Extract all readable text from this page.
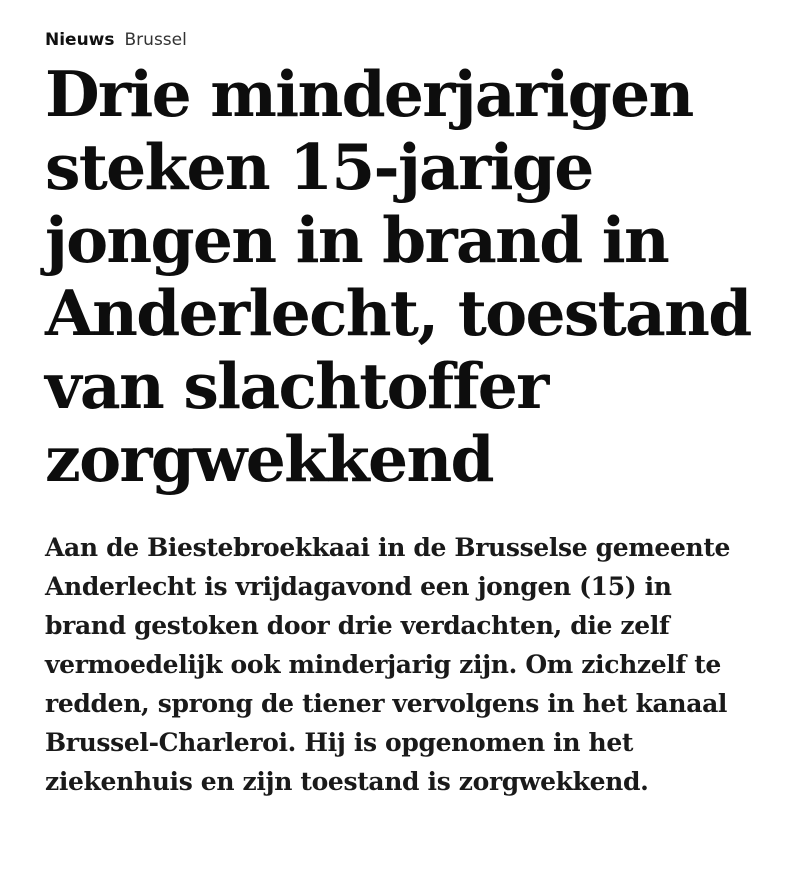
Nieuws Brussel
Drie minderjarigen steken 15-jarige jongen in brand in Anderlecht, toestand van slachtoffer zorgwekkend

Aan de Biestebroekkaai in de Brusselse gemeente Anderlecht is vrijdagavond een jongen (15) in brand gestoken door drie verdachten, die zelf vermoedelijk ook minderjarig zijn. Om zichzelf te redden, sprong de tiener vervolgens in het kanaal Brussel-Charleroi. Hij is opgenomen in het ziekenhuis en zijn toestand is zorgwekkend.
